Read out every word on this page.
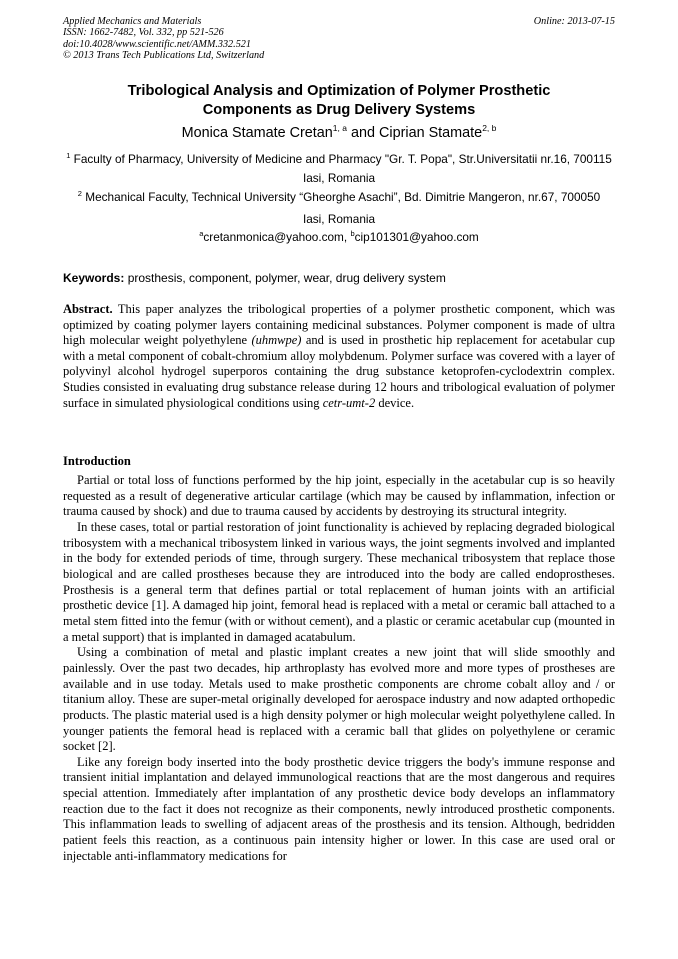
Applied Mechanics and Materials
ISSN: 1662-7482, Vol. 332, pp 521-526
doi:10.4028/www.scientific.net/AMM.332.521
© 2013 Trans Tech Publications Ltd, Switzerland
Online: 2013-07-15
Tribological Analysis and Optimization of Polymer Prosthetic
Components as Drug Delivery Systems
Monica Stamate Cretan$^{1, a}$ and Ciprian Stamate$^{2, b}$
$^1$ Faculty of Pharmacy, University of Medicine and Pharmacy "Gr. T. Popa", Str.Universitatii nr.16, 700115 Iasi, Romania
$^2$ Mechanical Faculty, Technical University “Gheorghe Asachi”, Bd. Dimitrie Mangeron, nr.67, 700050 Iasi, Romania
$^a$cretanmonica@yahoo.com, $^b$cip101301@yahoo.com
Keywords: prosthesis, component, polymer, wear, drug delivery system
Abstract. This paper analyzes the tribological properties of a polymer prosthetic component, which was optimized by coating polymer layers containing medicinal substances. Polymer component is made of ultra high molecular weight polyethylene (uhmwpe) and is used in prosthetic hip replacement for acetabular cup with a metal component of cobalt-chromium alloy molybdenum. Polymer surface was covered with a layer of polyvinyl alcohol hydrogel superporos containing the drug substance ketoprofen-cyclodextrin complex. Studies consisted in evaluating drug substance release during 12 hours and tribological evaluation of polymer surface in simulated physiological conditions using cetr-umt-2 device.
Introduction

Partial or total loss of functions performed by the hip joint, especially in the acetabular cup is so heavily requested as a result of degenerative articular cartilage (which may be caused by inflammation, infection or trauma caused by shock) and due to trauma caused by accidents by destroying its structural integrity.

In these cases, total or partial restoration of joint functionality is achieved by replacing degraded biological tribosystem with a mechanical tribosystem linked in various ways, the joint segments involved and implanted in the body for extended periods of time, through surgery. These mechanical tribosystem that replace those biological and are called prostheses because they are introduced into the body are called endoprostheses. Prosthesis is a general term that defines partial or total replacement of human joints with an artificial prosthetic device [1]. A damaged hip joint, femoral head is replaced with a metal or ceramic ball attached to a metal stem fitted into the femur (with or without cement), and a plastic or ceramic acetabular cup (mounted in a metal support) that is implanted in damaged acatabulum.

Using a combination of metal and plastic implant creates a new joint that will slide smoothly and painlessly. Over the past two decades, hip arthroplasty has evolved more and more types of prostheses are available and in use today. Metals used to make prosthetic components are chrome cobalt alloy and / or titanium alloy. These are super-metal originally developed for aerospace industry and now adapted orthopedic products. The plastic material used is a high density polymer or high molecular weight polyethylene called. In younger patients the femoral head is replaced with a ceramic ball that glides on polyethylene or ceramic socket [2].

Like any foreign body inserted into the body prosthetic device triggers the body's immune response and transient initial implantation and delayed immunological reactions that are the most dangerous and requires special attention. Immediately after implantation of any prosthetic device body develops an inflammatory reaction due to the fact it does not recognize as their components, newly introduced prosthetic components. This inflammation leads to swelling of adjacent areas of the prosthesis and its tension. Although, bedridden patient feels this reaction, as a continuous pain intensity higher or lower. In this case are used oral or injectable anti-inflammatory medications for
